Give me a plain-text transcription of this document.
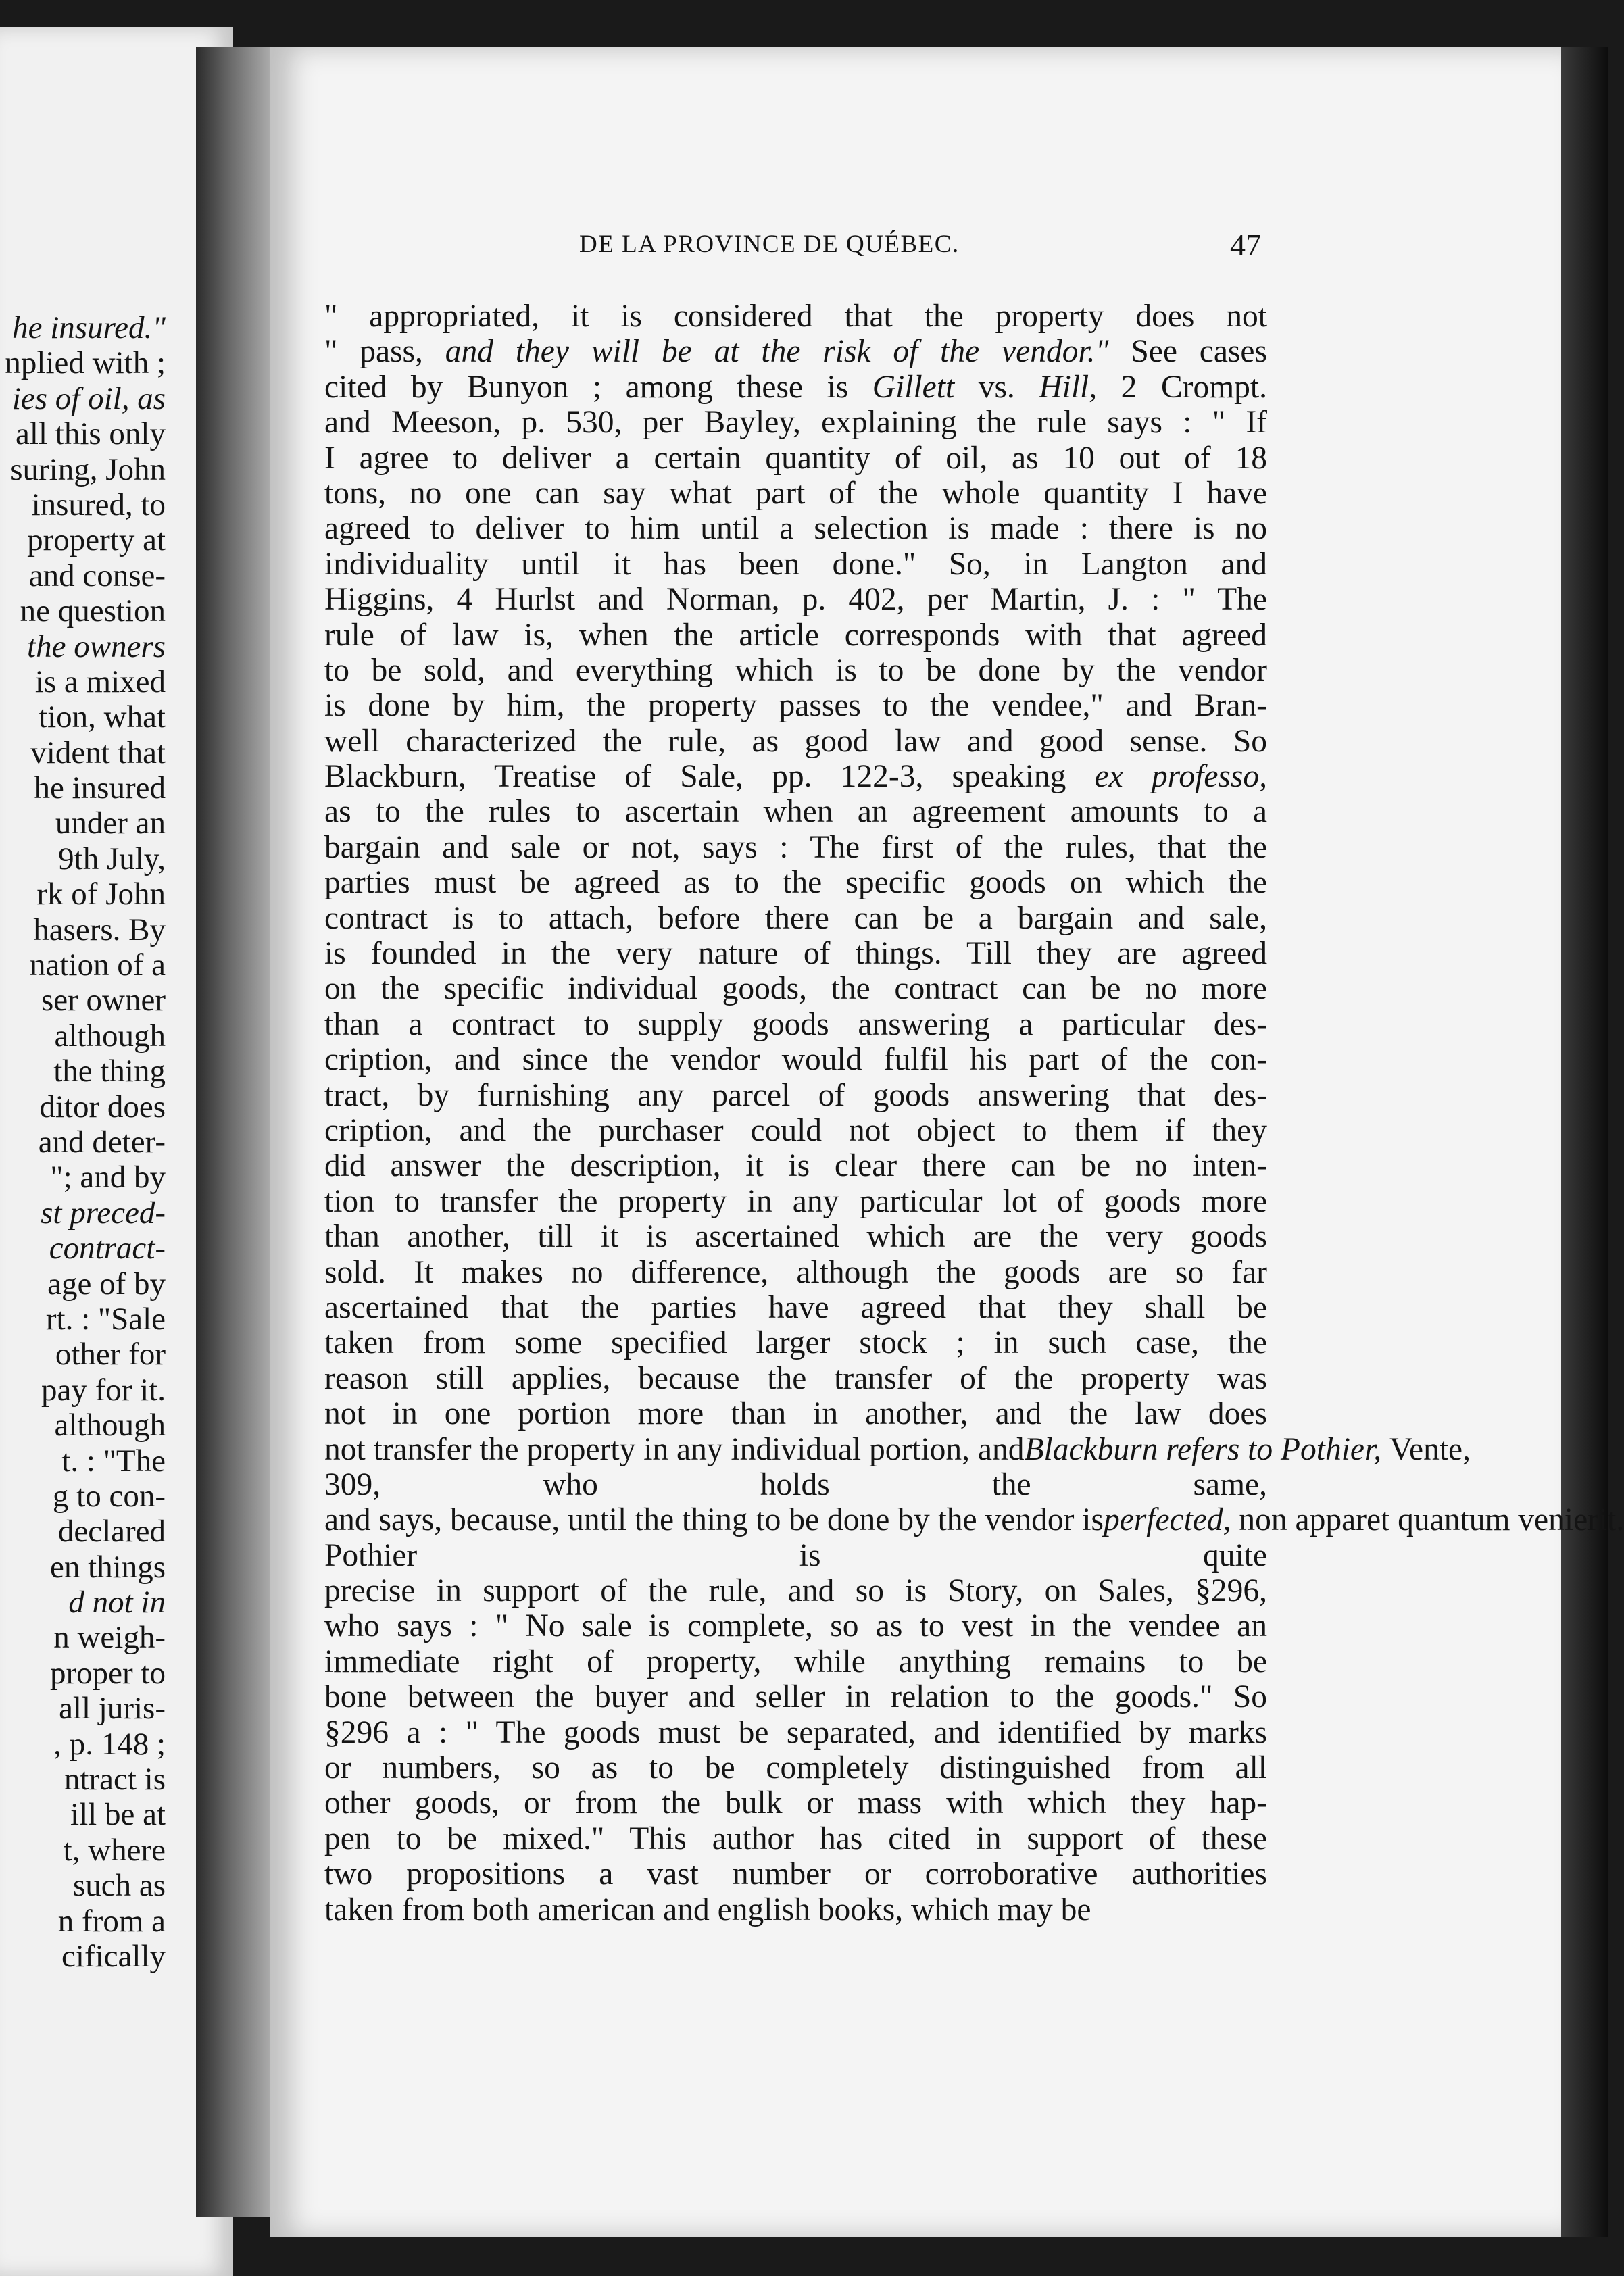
he insured."
nplied with ;
ies of oil, as
all this only
suring, John
insured, to
property at
and conse-
ne question
the owners
is a mixed
tion, what
vident that
he insured
under an
9th July,
rk of John
hasers. By
nation of a
ser owner
although
the thing
ditor does
and deter-
"; and by
st preced-
contract-
age of by
rt. : "Sale
other for
pay for it.
although
t. : "The
g to con-
declared
en things
d not in
n weigh-
proper to
all juris-
, p. 148 ;
ntract is
ill be at
t, where
such as
n from a
cifically
DE LA PROVINCE DE QUÉBEC.	47
" appropriated, it is considered that the property does not
" pass, and they will be at the risk of the vendor." See cases
cited by Bunyon ; among these is Gillett vs. Hill, 2 Crompt.
and Meeson, p. 530, per Bayley, explaining the rule says : " If
I agree to deliver a certain quantity of oil, as 10 out of 18
tons, no one can say what part of the whole quantity I have
agreed to deliver to him until a selection is made : there is no
individuality until it has been done." So, in Langton and
Higgins, 4 Hurlst and Norman, p. 402, per Martin, J. : " The
rule of law is, when the article corresponds with that agreed
to be sold, and everything which is to be done by the vendor
is done by him, the property passes to the vendee," and Bran-
well characterized the rule, as good law and good sense. So
Blackburn, Treatise of Sale, pp. 122-3, speaking ex professo,
as to the rules to ascertain when an agreement amounts to a
bargain and sale or not, says : The first of the rules, that the
parties must be agreed as to the specific goods on which the
contract is to attach, before there can be a bargain and sale,
is founded in the very nature of things. Till they are agreed
on the specific individual goods, the contract can be no more
than a contract to supply goods answering a particular des-
cription, and since the vendor would fulfil his part of the con-
tract, by furnishing any parcel of goods answering that des-
cription, and the purchaser could not object to them if they
did answer the description, it is clear there can be no inten-
tion to transfer the property in any particular lot of goods more
than another, till it is ascertained which are the very goods
sold. It makes no difference, although the goods are so far
ascertained that the parties have agreed that they shall be
taken from some specified larger stock ; in such case, the
reason still applies, because the transfer of the property was
not in one portion more than in another, and the law does
not transfer the property in any individual portion, andBlackburn refers to Pothier, Vente,
309, who holds the same,
and says, because, until the thing to be done by the vendor isperfected, non apparet quantum venierit.
Pothier is quite
precise in support of the rule, and so is Story, on Sales, §296,
who says : " No sale is complete, so as to vest in the vendee an
immediate right of property, while anything remains to be
bone between the buyer and seller in relation to the goods." So
§296 a : " The goods must be separated, and identified by marks
or numbers, so as to be completely distinguished from all
other goods, or from the bulk or mass with which they hap-
pen to be mixed." This author has cited in support of these
two propositions a vast number or corroborative authorities
taken from both american and english books, which may be
